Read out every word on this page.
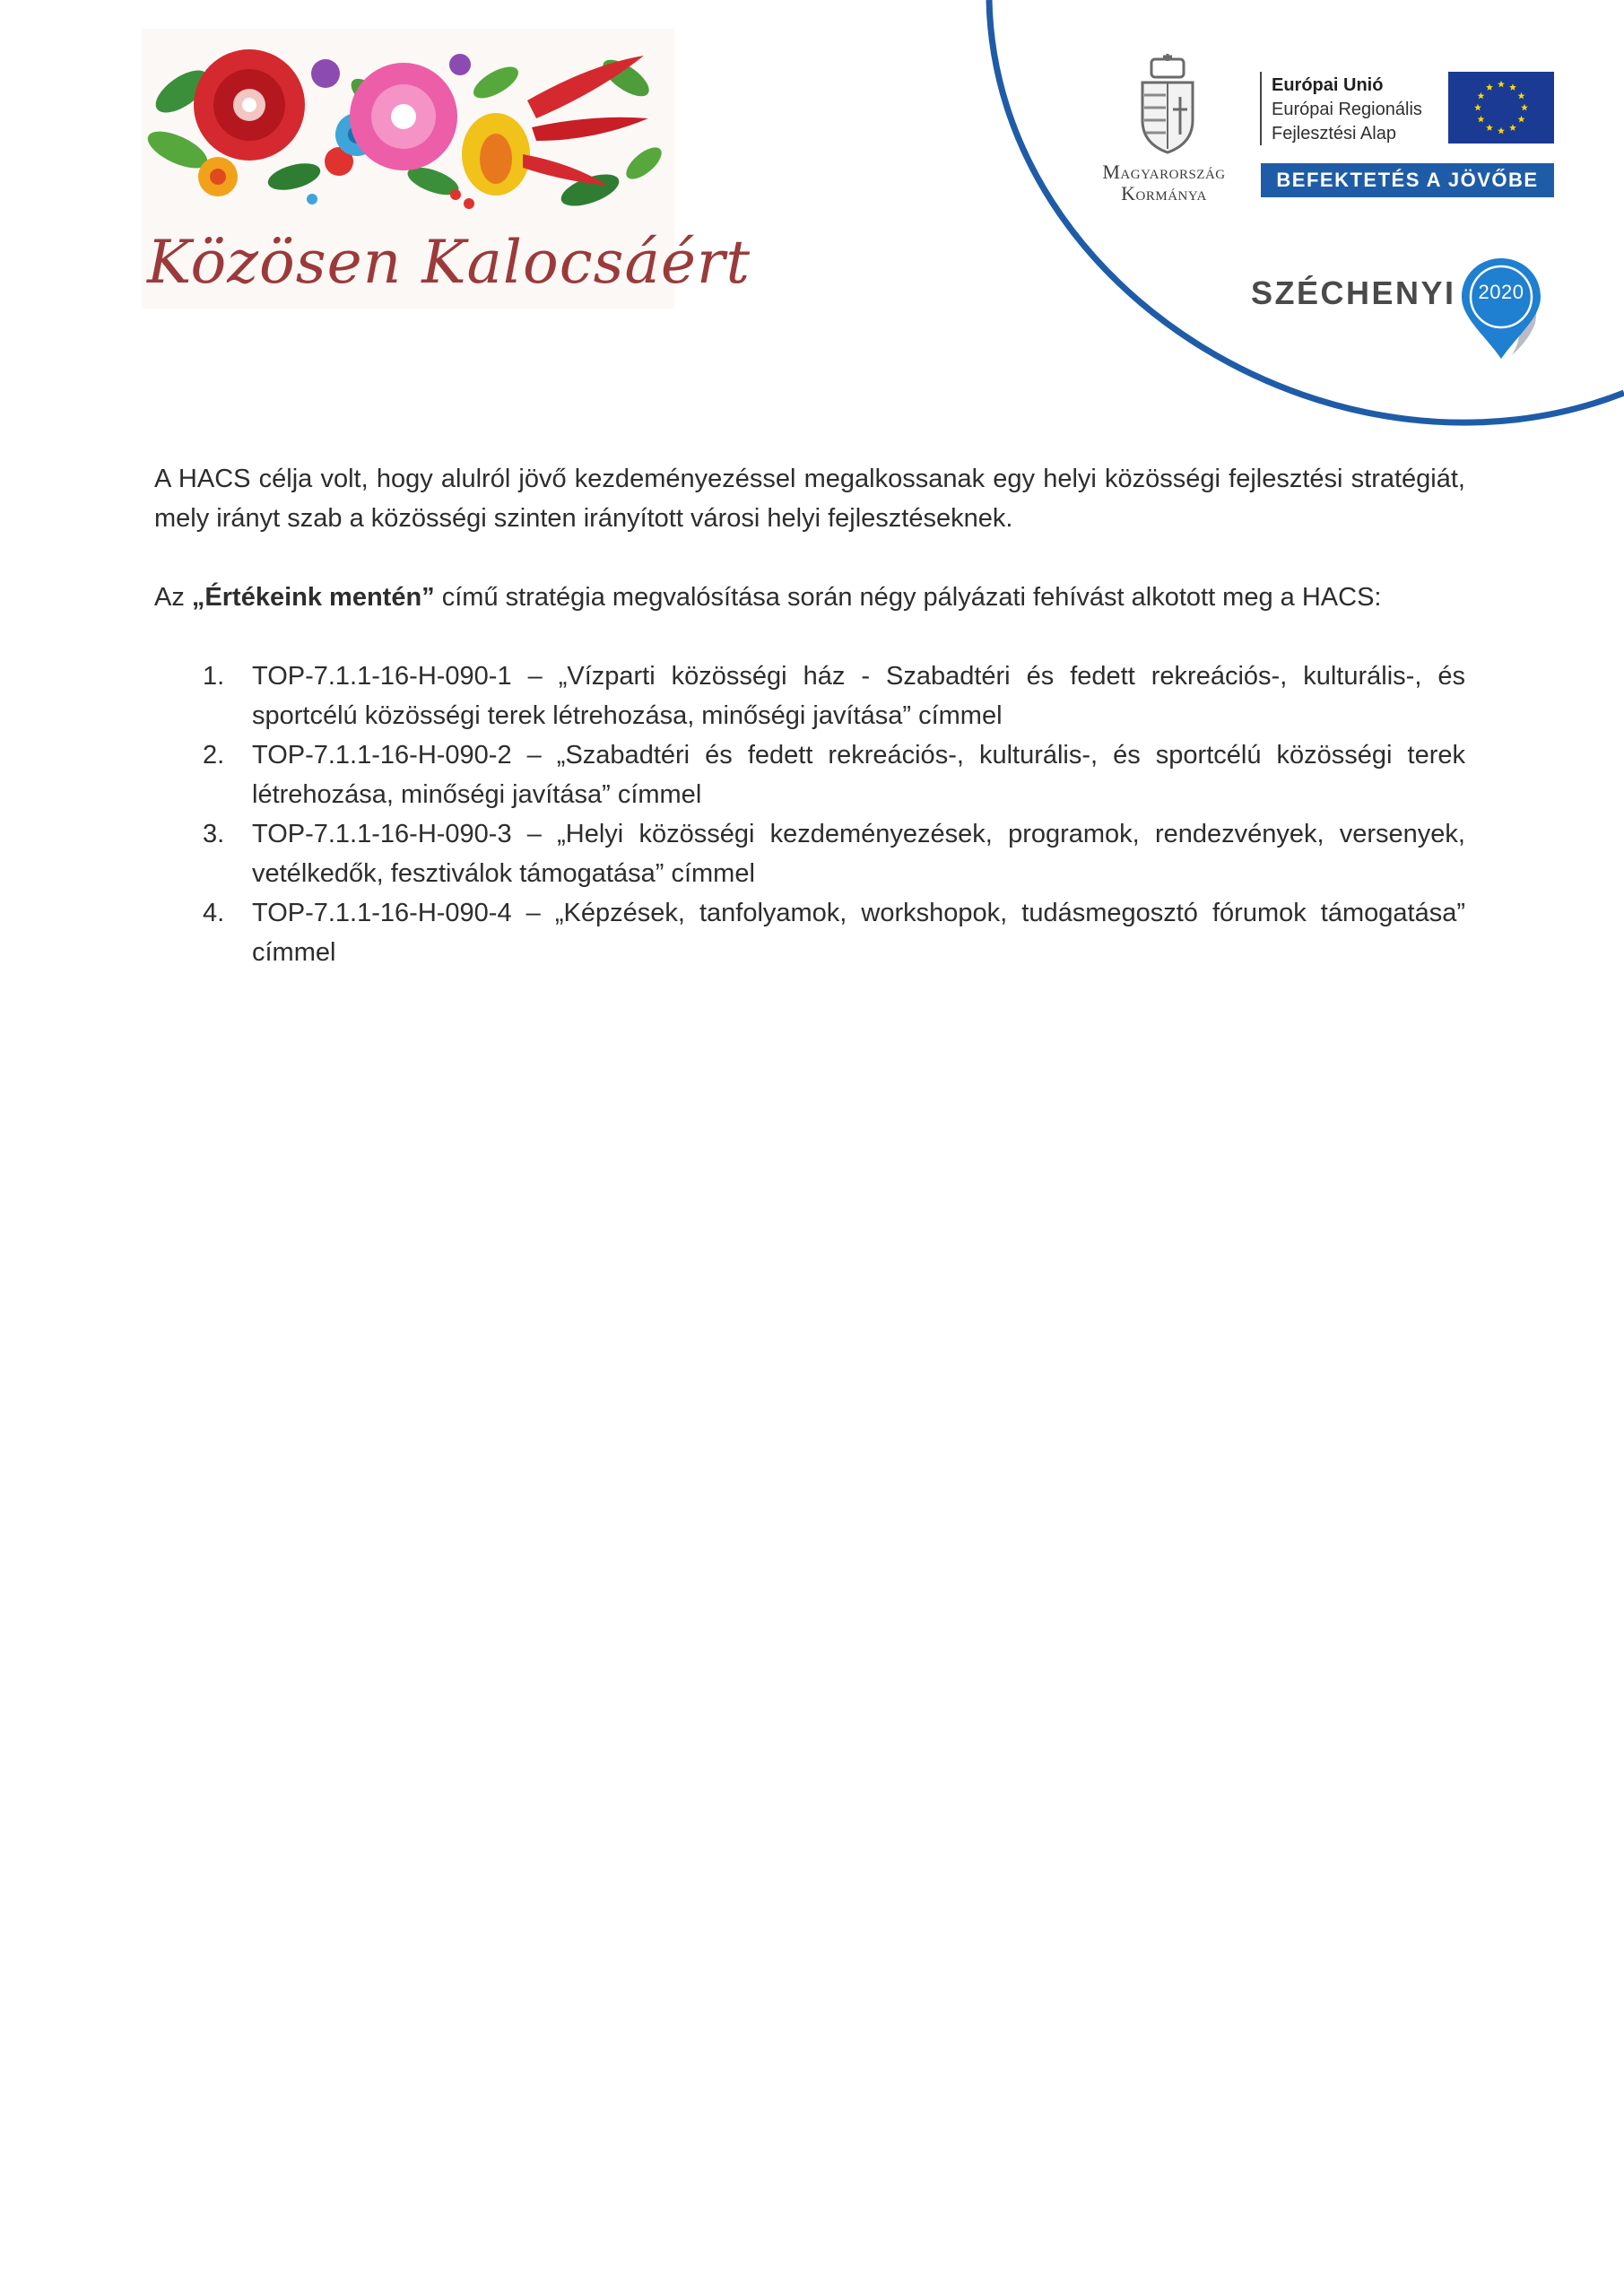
Közösen Kalocsáért
Magyarország
Kormánya
Európai Unió
Európai Regionális
Fejlesztési Alap
BEFEKTETÉS A JÖVŐBE
SZÉCHENYI	2020

A HACS célja volt, hogy alulról jövő kezdeményezéssel megalkossanak egy helyi közösségi fejlesztési stratégiát, mely irányt szab a közösségi szinten irányított városi helyi fejlesztéseknek.

Az „Értékeink mentén” című stratégia megvalósítása során négy pályázati fehívást alkotott meg a HACS:

1. TOP-7.1.1-16-H-090-1 – „Vízparti közösségi ház - Szabadtéri és fedett rekreációs-, kulturális-, és sportcélú közösségi terek létrehozása, minőségi javítása” címmel
2. TOP-7.1.1-16-H-090-2 – „Szabadtéri és fedett rekreációs-, kulturális-, és sportcélú közösségi terek létrehozása, minőségi javítása” címmel
3. TOP-7.1.1-16-H-090-3 – „Helyi közösségi kezdeményezések, programok, rendezvények, versenyek, vetélkedők, fesztiválok támogatása” címmel
4. TOP-7.1.1-16-H-090-4 – „Képzések, tanfolyamok, workshopok, tudásmegosztó fórumok támogatása” címmel
